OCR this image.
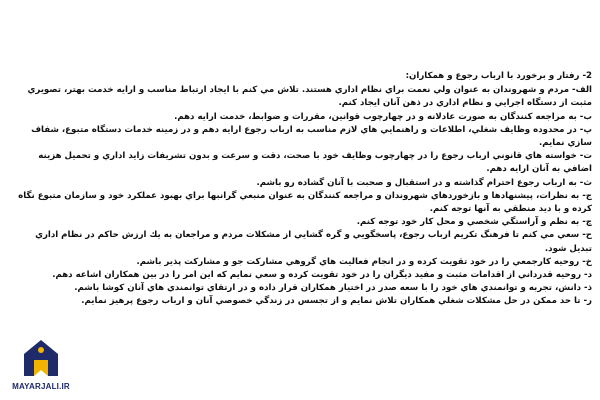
2- رفتار و برخورد با ارباب رجوع و همکاران:

الف- مردم و شهروندان به عنوان ولي نعمت براي نظام اداري هستند. تلاش مي كنم با ايجاد ارتباط مناسب و ارايه خدمت بهتر، تصويري مثبت از دستگاه اجرايي و نظام اداري در ذهن آنان ايجاد كنم.

ب- به مراجعه كنندگان به صورت عادلانه و در چهارچوب قوانين، مقررات و ضوابط، خدمت ارايه دهم.

پ- در محدوده وظايف شغلي، اطلاعات و راهنمايي هاي لازم مناسب به ارباب رجوع ارايه دهم و در زمينه خدمات دستگاه متبوع، شفاف سازي نمايم.

ت- خواسته هاي قانوني ارباب رجوع را در چهارچوب وظايف خود با صحت، دقت و سرعت و بدون تشريفات زايد اداري و تحميل هزينه اضافي به آنان ارايه دهم.

ث- به ارباب رجوع احترام گذاشته و در استقبال و صحبت با آنان گشاده رو باشم.

ج- به نظرات، پيشنهادها و بازخوردهاي شهروندان و مراجعه كنندگان به عنوان منبعي گرانبها براي بهبود عملكرد خود و سازمان متبوع نگاه كرده و با ديد منطقي به آنها توجه كنم.

چ- به نظم و آراستگي شخصي و محل كار خود توجه كنم.

ح- سعي مي كنم تا فرهنگ تكريم ارباب رجوع، پاسخگويي و گره گشايي از مشكلات مردم و مراجعان به يك ارزش حاكم در نظام اداري تبديل شود.

خ- روحيه كارجمعي را در خود تقويت كرده و در انجام فعاليت هاي گروهي مشاركت جو و مشاركت پذير باشم.

د- روحيه قدرداني از اقدامات مثبت و مفيد ديگران را در خود تقويت كرده و سعي نمايم كه اين امر را در بين همكاران اشاعه دهم.

ذ- دانش، تجربه و توانمندي هاي خود را با سعه صدر در اختيار همكاران قرار داده و در ارتقاي توانمندي هاي آنان كوشا باشم.

ر- تا حد ممكن در حل مشكلات شغلي همكاران تلاش نمايم و از تجسس در زندگي خصوصي آنان و ارباب رجوع پرهيز نمايم.

MAYARJALI.IR
